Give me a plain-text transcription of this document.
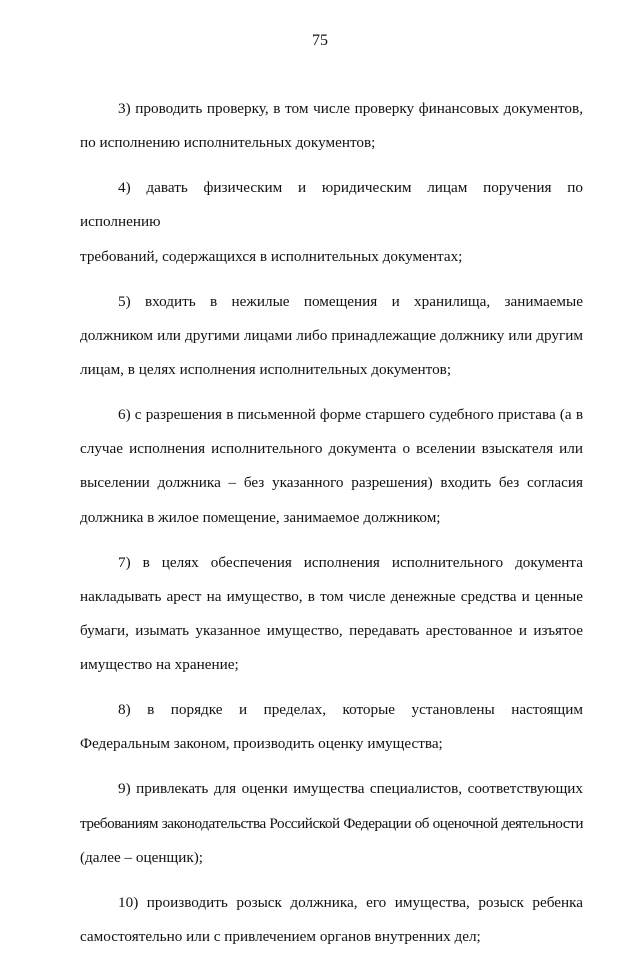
75

3) проводить проверку, в том числе проверку финансовых документов,
по исполнению исполнительных документов;

4) давать физическим и юридическим лицам поручения по исполнению
требований, содержащихся в исполнительных документах;

5) входить в нежилые помещения и хранилища, занимаемые
должником или другими лицами либо принадлежащие должнику или другим
лицам, в целях исполнения исполнительных документов;

6) с разрешения в письменной форме старшего судебного пристава (а в
случае исполнения исполнительного документа о вселении взыскателя или
выселении должника – без указанного разрешения) входить без согласия
должника в жилое помещение, занимаемое должником;

7) в целях обеспечения исполнения исполнительного документа
накладывать арест на имущество, в том числе денежные средства и ценные
бумаги, изымать указанное имущество, передавать арестованное и изъятое
имущество на хранение;

8) в порядке и пределах, которые установлены настоящим
Федеральным законом, производить оценку имущества;

9) привлекать для оценки имущества специалистов, соответствующих
требованиям законодательства Российской Федерации об оценочной деятельности
(далее – оценщик);

10) производить розыск должника, его имущества, розыск ребенка
самостоятельно или с привлечением органов внутренних дел;
